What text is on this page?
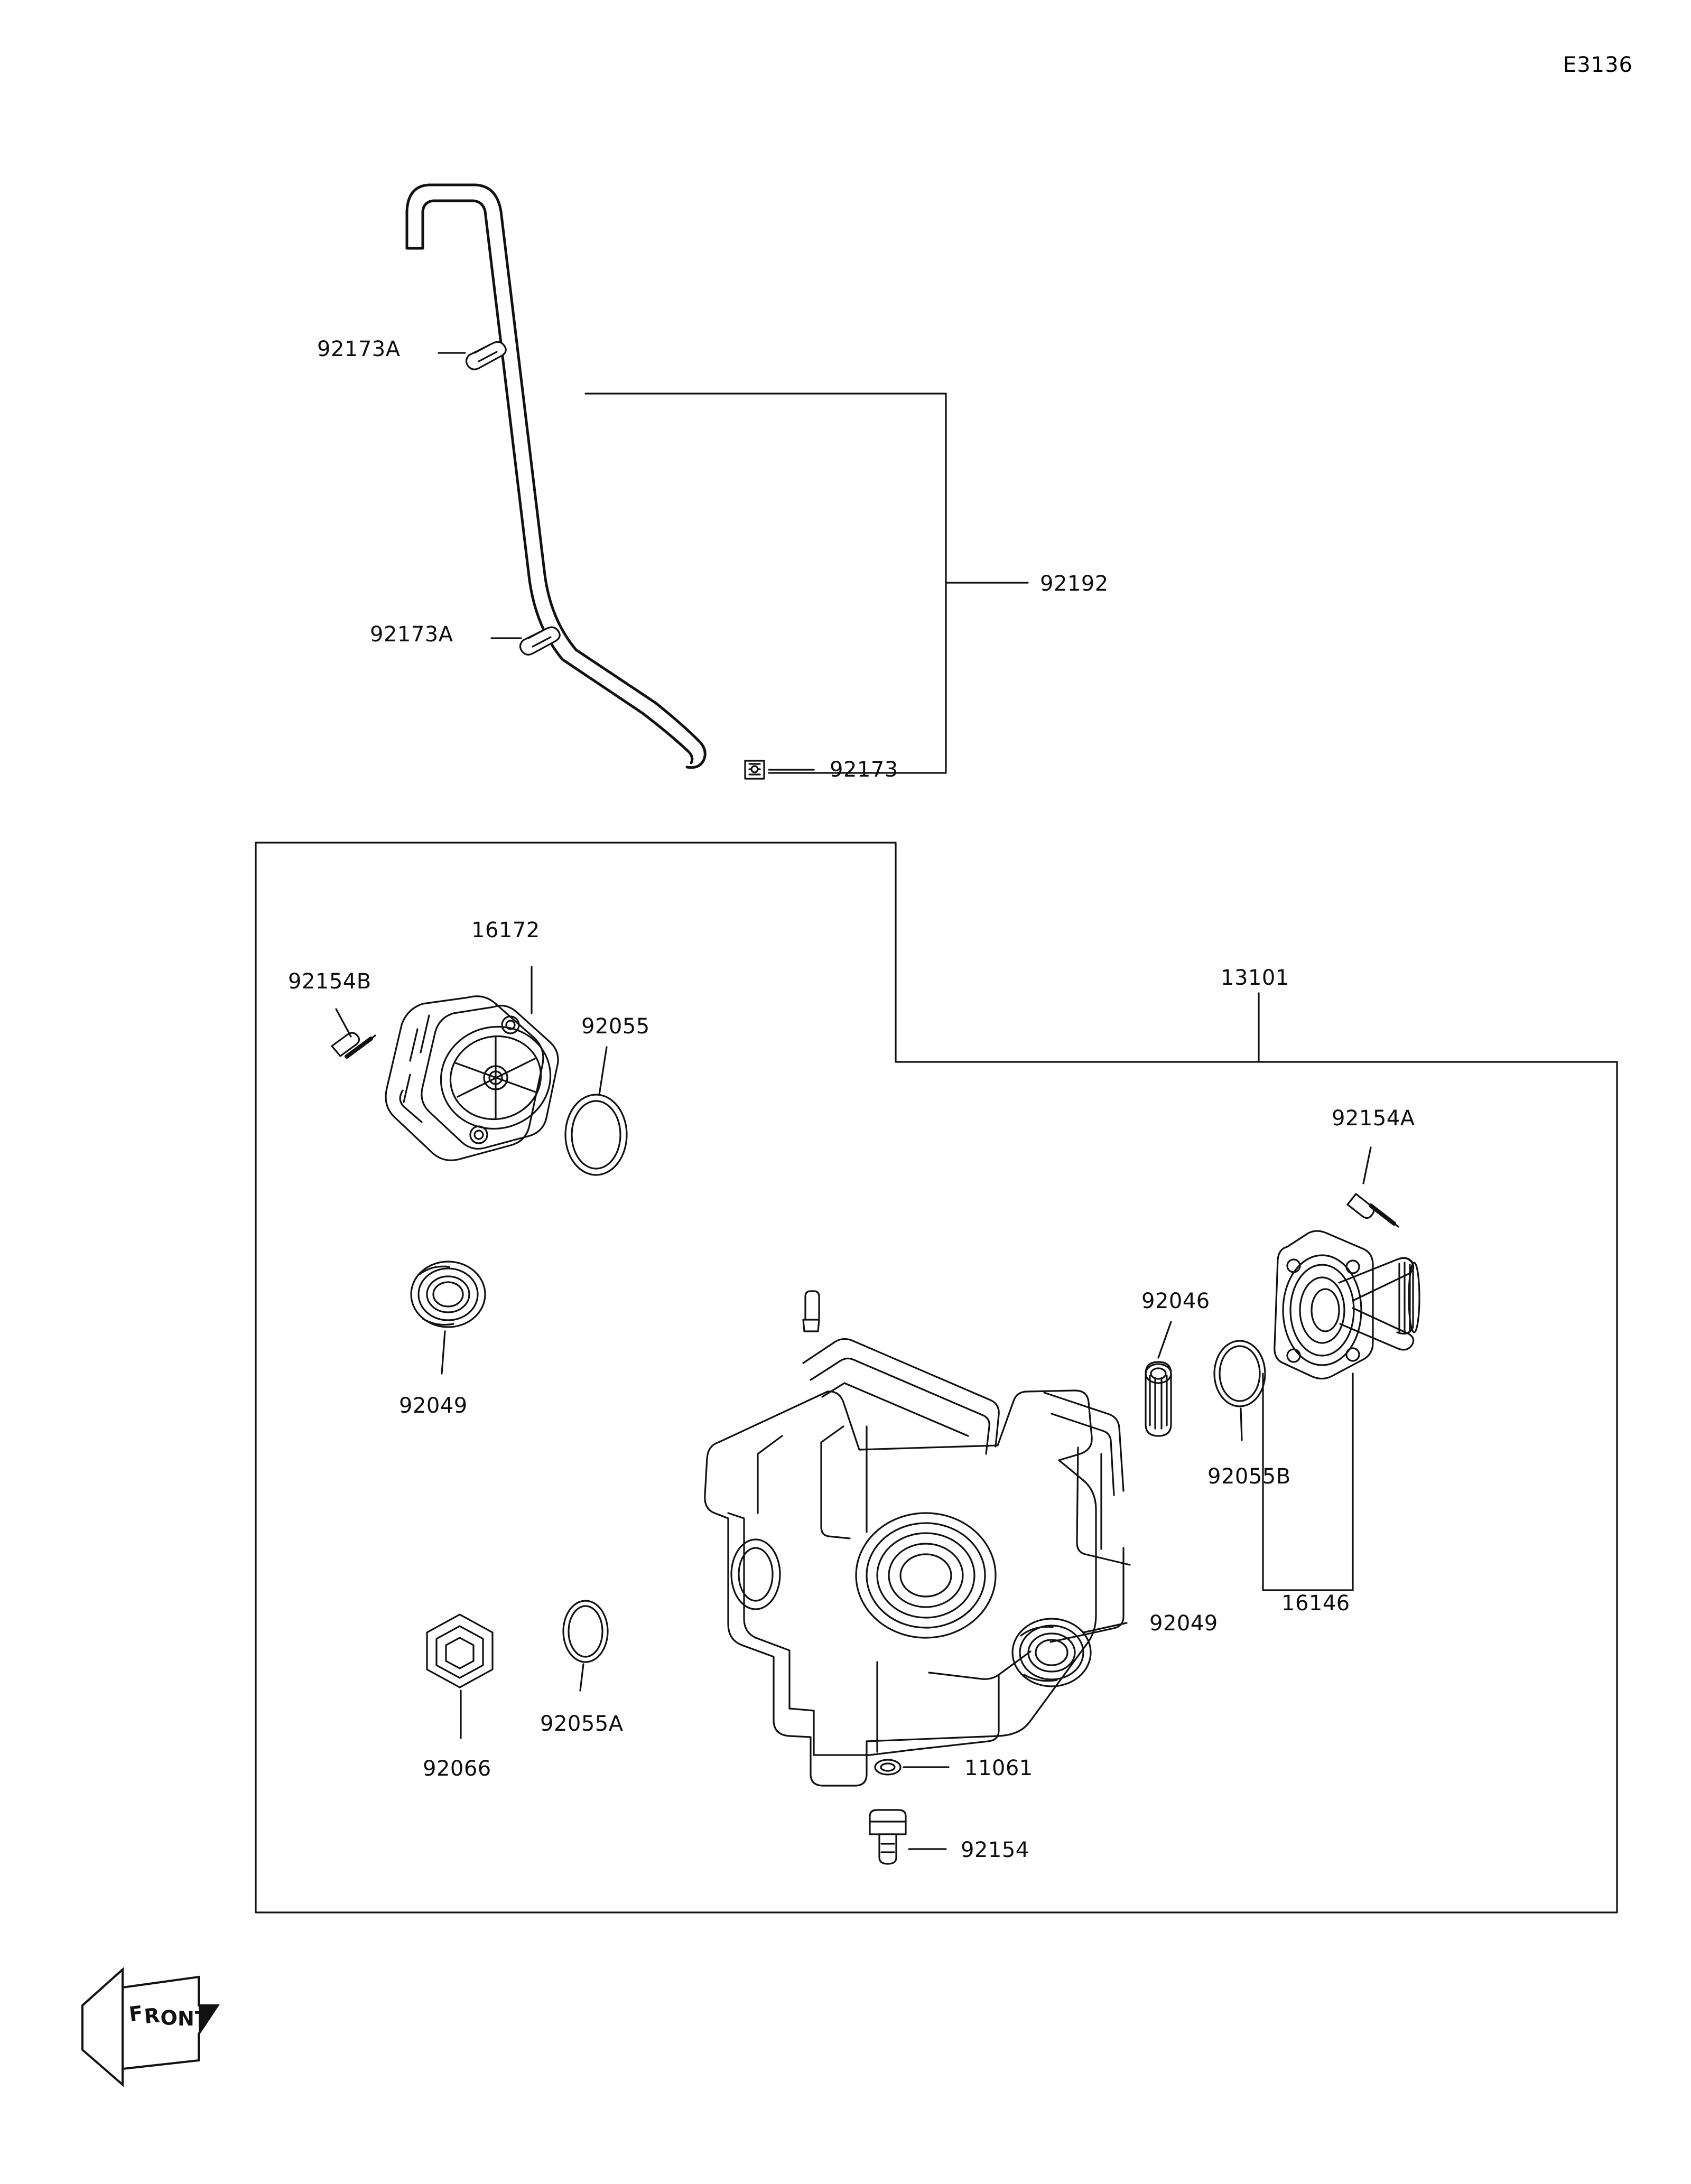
E3136
F
R
O N T
92173A
92173A
92192
92173
92154B
16172
92055
13101
92154A
92049
92046
92055B
16146
92049
92055A
92066	11061
92154
